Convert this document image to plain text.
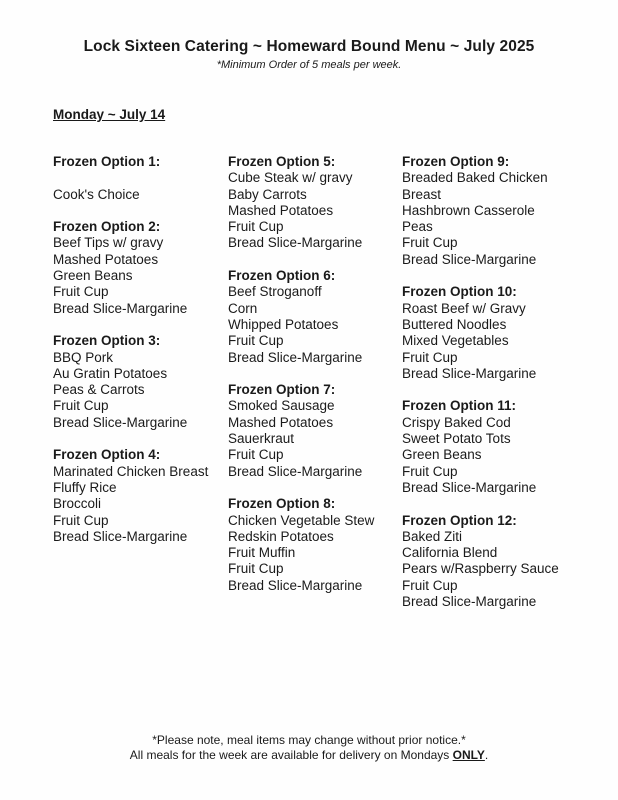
Lock Sixteen Catering ~ Homeward Bound Menu ~ July 2025
*Minimum Order of 5 meals per week.
Monday ~ July 14
Frozen Option 1:
Cook's Choice
Frozen Option 2:
Beef Tips w/ gravy
Mashed Potatoes
Green Beans
Fruit Cup
Bread Slice-Margarine
Frozen Option 3:
BBQ Pork
Au Gratin Potatoes
Peas & Carrots
Fruit Cup
Bread Slice-Margarine
Frozen Option 4:
Marinated Chicken Breast
Fluffy Rice
Broccoli
Fruit Cup
Bread Slice-Margarine
Frozen Option 5:
Cube Steak w/ gravy
Baby Carrots
Mashed Potatoes
Fruit Cup
Bread Slice-Margarine
Frozen Option 6:
Beef Stroganoff
Corn
Whipped Potatoes
Fruit Cup
Bread Slice-Margarine
Frozen Option 7:
Smoked Sausage
Mashed Potatoes
Sauerkraut
Fruit Cup
Bread Slice-Margarine
Frozen Option 8:
Chicken Vegetable Stew
Redskin Potatoes
Fruit Muffin
Fruit Cup
Bread Slice-Margarine
Frozen Option 9:
Breaded Baked Chicken
Breast
Hashbrown Casserole
Peas
Fruit Cup
Bread Slice-Margarine
Frozen Option 10:
Roast Beef w/ Gravy
Buttered Noodles
Mixed Vegetables
Fruit Cup
Bread Slice-Margarine
Frozen Option 11:
Crispy Baked Cod
Sweet Potato Tots
Green Beans
Fruit Cup
Bread Slice-Margarine
Frozen Option 12:
Baked Ziti
California Blend
Pears w/Raspberry Sauce
Fruit Cup
Bread Slice-Margarine
*Please note, meal items may change without prior notice.*
All meals for the week are available for delivery on Mondays ONLY.
